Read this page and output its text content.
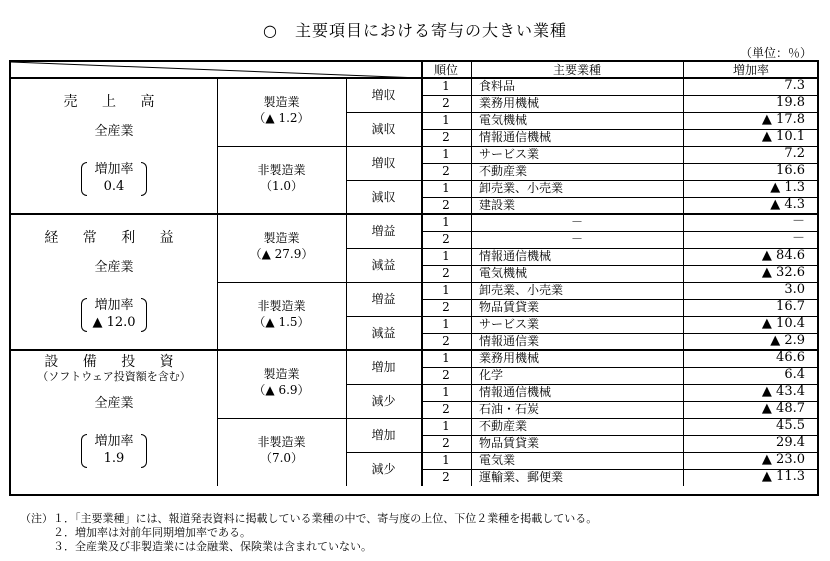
○　主要項目における寄与の大きい業種
（単位：％）
順位	主要業種	増加率
売 上 高
全産業
増加率
0.4
製造業
（▲ 1.2）
増収
1	食料品	7.3
2	業務用機械	19.8
減収
1	電気機械	▲ 17.8
2	情報通信機械	▲ 10.1
非製造業
（1.0）
増収
1	サービス業	7.2
2	不動産業	16.6
減収
1	卸売業、小売業	▲ 1.3
2	建設業	▲ 4.3
経 常 利 益
全産業
増加率
▲ 12.0
製造業
（▲ 27.9）
増益
1	－	－
2	－	－
減益
1	情報通信機械	▲ 84.6
2	電気機械	▲ 32.6
非製造業
（▲ 1.5）
増益
1	卸売業、小売業	3.0
2	物品賃貸業	16.7
減益
1	サービス業	▲ 10.4
2	情報通信業	▲ 2.9
設 備 投 資
（ソフトウェア投資額を含む）
全産業
増加率
1.9
製造業
（▲ 6.9）
増加
1	業務用機械	46.6
2	化学	6.4
減少
1	情報通信機械	▲ 43.4
2	石油・石炭	▲ 48.7
非製造業
（7.0）
増加
1	不動産業	45.5
2	物品賃貸業	29.4
減少
1	電気業	▲ 23.0
2	運輸業、郵便業	▲ 11.3
（注）１．「主要業種」には、報道発表資料に掲載している業種の中で、寄与度の上位、下位２業種を掲載している。
　　　２．増加率は対前年同期増加率である。
　　　３．全産業及び非製造業には金融業、保険業は含まれていない。
